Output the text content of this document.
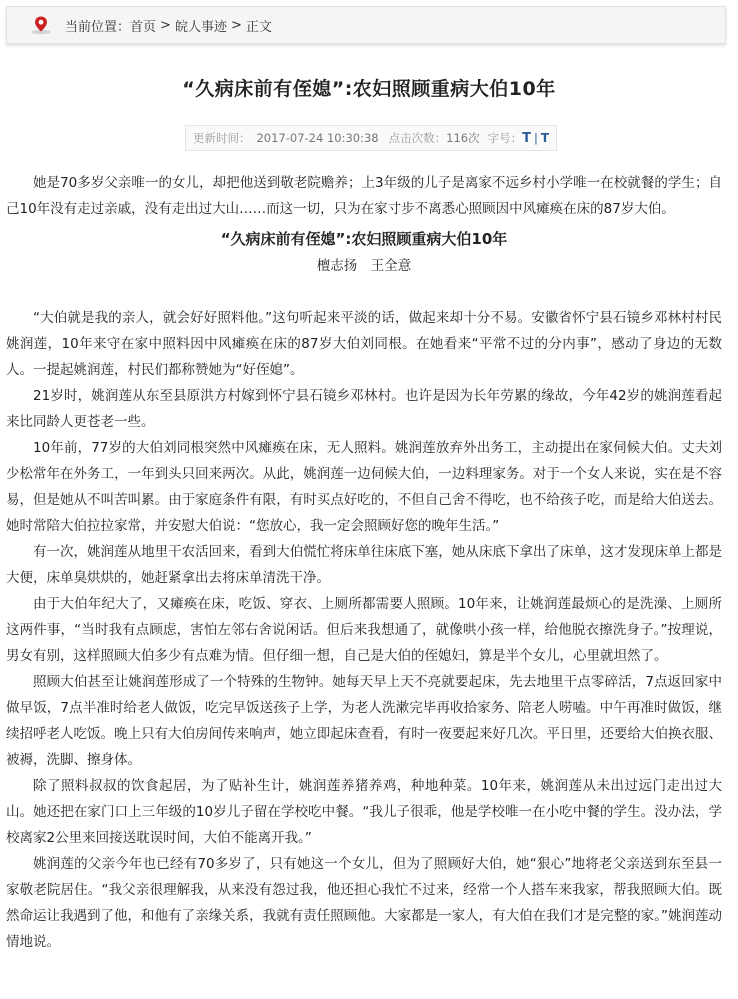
当前位置： 首页 > 皖人事迹 > 正文
“久病床前有侄媳”:农妇照顾重病大伯10年
更新时间： 2017-07-24 10:30:38 点击次数： 116次 字号： T | T

她是70多岁父亲唯一的女儿，却把他送到敬老院赡养；上3年级的儿子是离家不远乡村小学唯一在校就餐的学生；自己10年没有走过亲戚，没有走出过大山……而这一切，只为在家寸步不离悉心照顾因中风瘫痪在床的87岁大伯。

“久病床前有侄媳”:农妇照顾重病大伯10年
檀志扬　王全意

“大伯就是我的亲人，就会好好照料他。”这句听起来平淡的话，做起来却十分不易。安徽省怀宁县石镜乡邓林村村民姚润莲，10年来守在家中照料因中风瘫痪在床的87岁大伯刘同根。在她看来“平常不过的分内事”，感动了身边的无数人。一提起姚润莲，村民们都称赞她为“好侄媳”。

21岁时，姚润莲从东至县原洪方村嫁到怀宁县石镜乡邓林村。也许是因为长年劳累的缘故，今年42岁的姚润莲看起来比同龄人更苍老一些。

10年前，77岁的大伯刘同根突然中风瘫痪在床，无人照料。姚润莲放弃外出务工，主动提出在家伺候大伯。丈夫刘少松常年在外务工，一年到头只回来两次。从此，姚润莲一边伺候大伯，一边料理家务。对于一个女人来说，实在是不容易，但是她从不叫苦叫累。由于家庭条件有限，有时买点好吃的，不但自己舍不得吃，也不给孩子吃，而是给大伯送去。她时常陪大伯拉拉家常，并安慰大伯说：“您放心，我一定会照顾好您的晚年生活。”

有一次，姚润莲从地里干农活回来，看到大伯慌忙将床单往床底下塞，她从床底下拿出了床单，这才发现床单上都是大便，床单臭烘烘的，她赶紧拿出去将床单清洗干净。

由于大伯年纪大了，又瘫痪在床，吃饭、穿衣、上厕所都需要人照顾。10年来，让姚润莲最烦心的是洗澡、上厕所这两件事，“当时我有点顾虑，害怕左邻右舍说闲话。但后来我想通了，就像哄小孩一样，给他脱衣擦洗身子。”按理说，男女有别，这样照顾大伯多少有点难为情。但仔细一想，自己是大伯的侄媳妇，算是半个女儿，心里就坦然了。

照顾大伯甚至让姚润莲形成了一个特殊的生物钟。她每天早上天不亮就要起床，先去地里干点零碎活，7点返回家中做早饭，7点半准时给老人做饭，吃完早饭送孩子上学，为老人洗漱完毕再收拾家务、陪老人唠嗑。中午再准时做饭，继续招呼老人吃饭。晚上只有大伯房间传来响声，她立即起床查看，有时一夜要起来好几次。平日里，还要给大伯换衣服、被褥，洗脚、擦身体。

除了照料叔叔的饮食起居，为了贴补生计，姚润莲养猪养鸡，种地种菜。10年来，姚润莲从未出过远门走出过大山。她还把在家门口上三年级的10岁儿子留在学校吃中餐。“我儿子很乖，他是学校唯一在小吃中餐的学生。没办法，学校离家2公里来回接送耽误时间，大伯不能离开我。”

姚润莲的父亲今年也已经有70多岁了，只有她这一个女儿，但为了照顾好大伯，她“狠心”地将老父亲送到东至县一家敬老院居住。“我父亲很理解我，从来没有怨过我，他还担心我忙不过来，经常一个人搭车来我家，帮我照顾大伯。既然命运让我遇到了他，和他有了亲缘关系，我就有责任照顾他。大家都是一家人，有大伯在我们才是完整的家。”姚润莲动情地说。
